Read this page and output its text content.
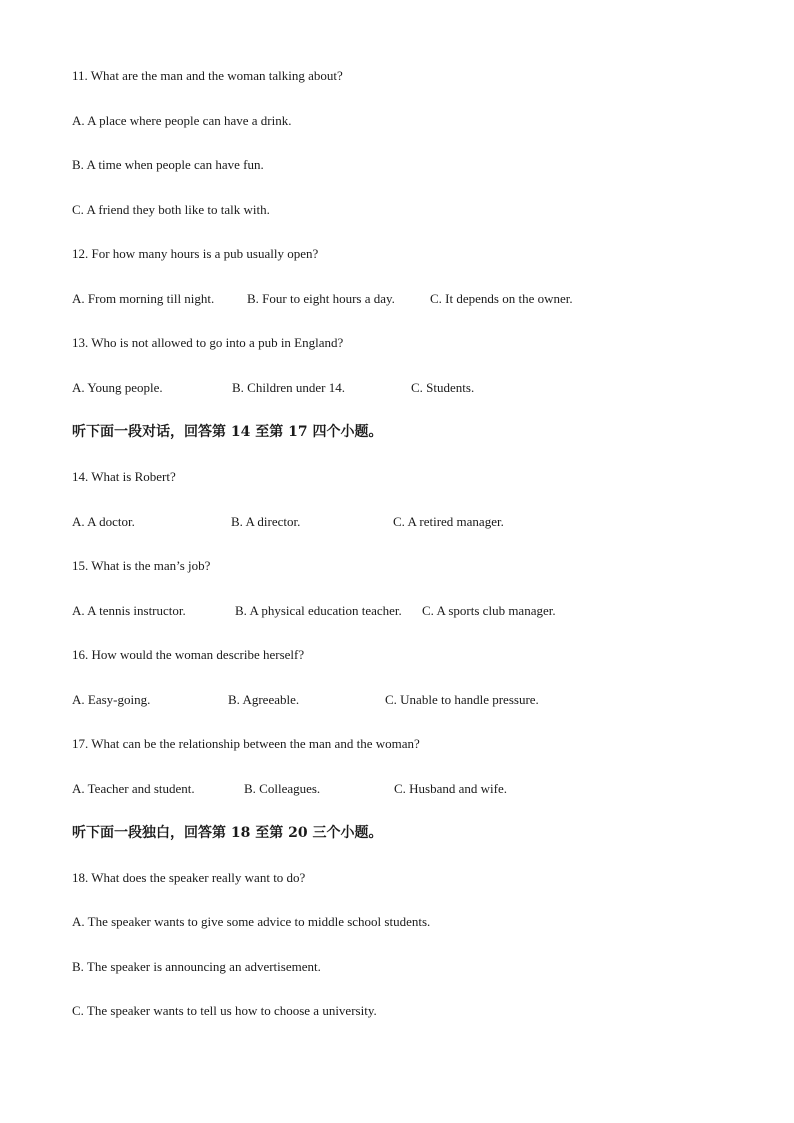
11. What are the man and the woman talking about?
A. A place where people can have a drink.
B. A time when people can have fun.
C. A friend they both like to talk with.
12. For how many hours is a pub usually open?
A. From morning till night.	B. Four to eight hours a day.	C. It depends on the owner.
13. Who is not allowed to go into a pub in England?
A. Young people.	B. Children under 14.	C. Students.
听下面一段对话，回答第 14 至第 17 四个小题。
14. What is Robert?
A. A doctor.	B. A director.	C. A retired manager.
15. What is the man’s job?
A. A tennis instructor.	B. A physical education teacher. C. A sports club manager.
16. How would the woman describe herself?
A. Easy-going.	B. Agreeable.	C. Unable to handle pressure.
17. What can be the relationship between the man and the woman?
A. Teacher and student.	B. Colleagues.	C. Husband and wife.
听下面一段独白，回答第 18 至第 20 三个小题。
18. What does the speaker really want to do?
A. The speaker wants to give some advice to middle school students.
B. The speaker is announcing an advertisement.
C. The speaker wants to tell us how to choose a university.
